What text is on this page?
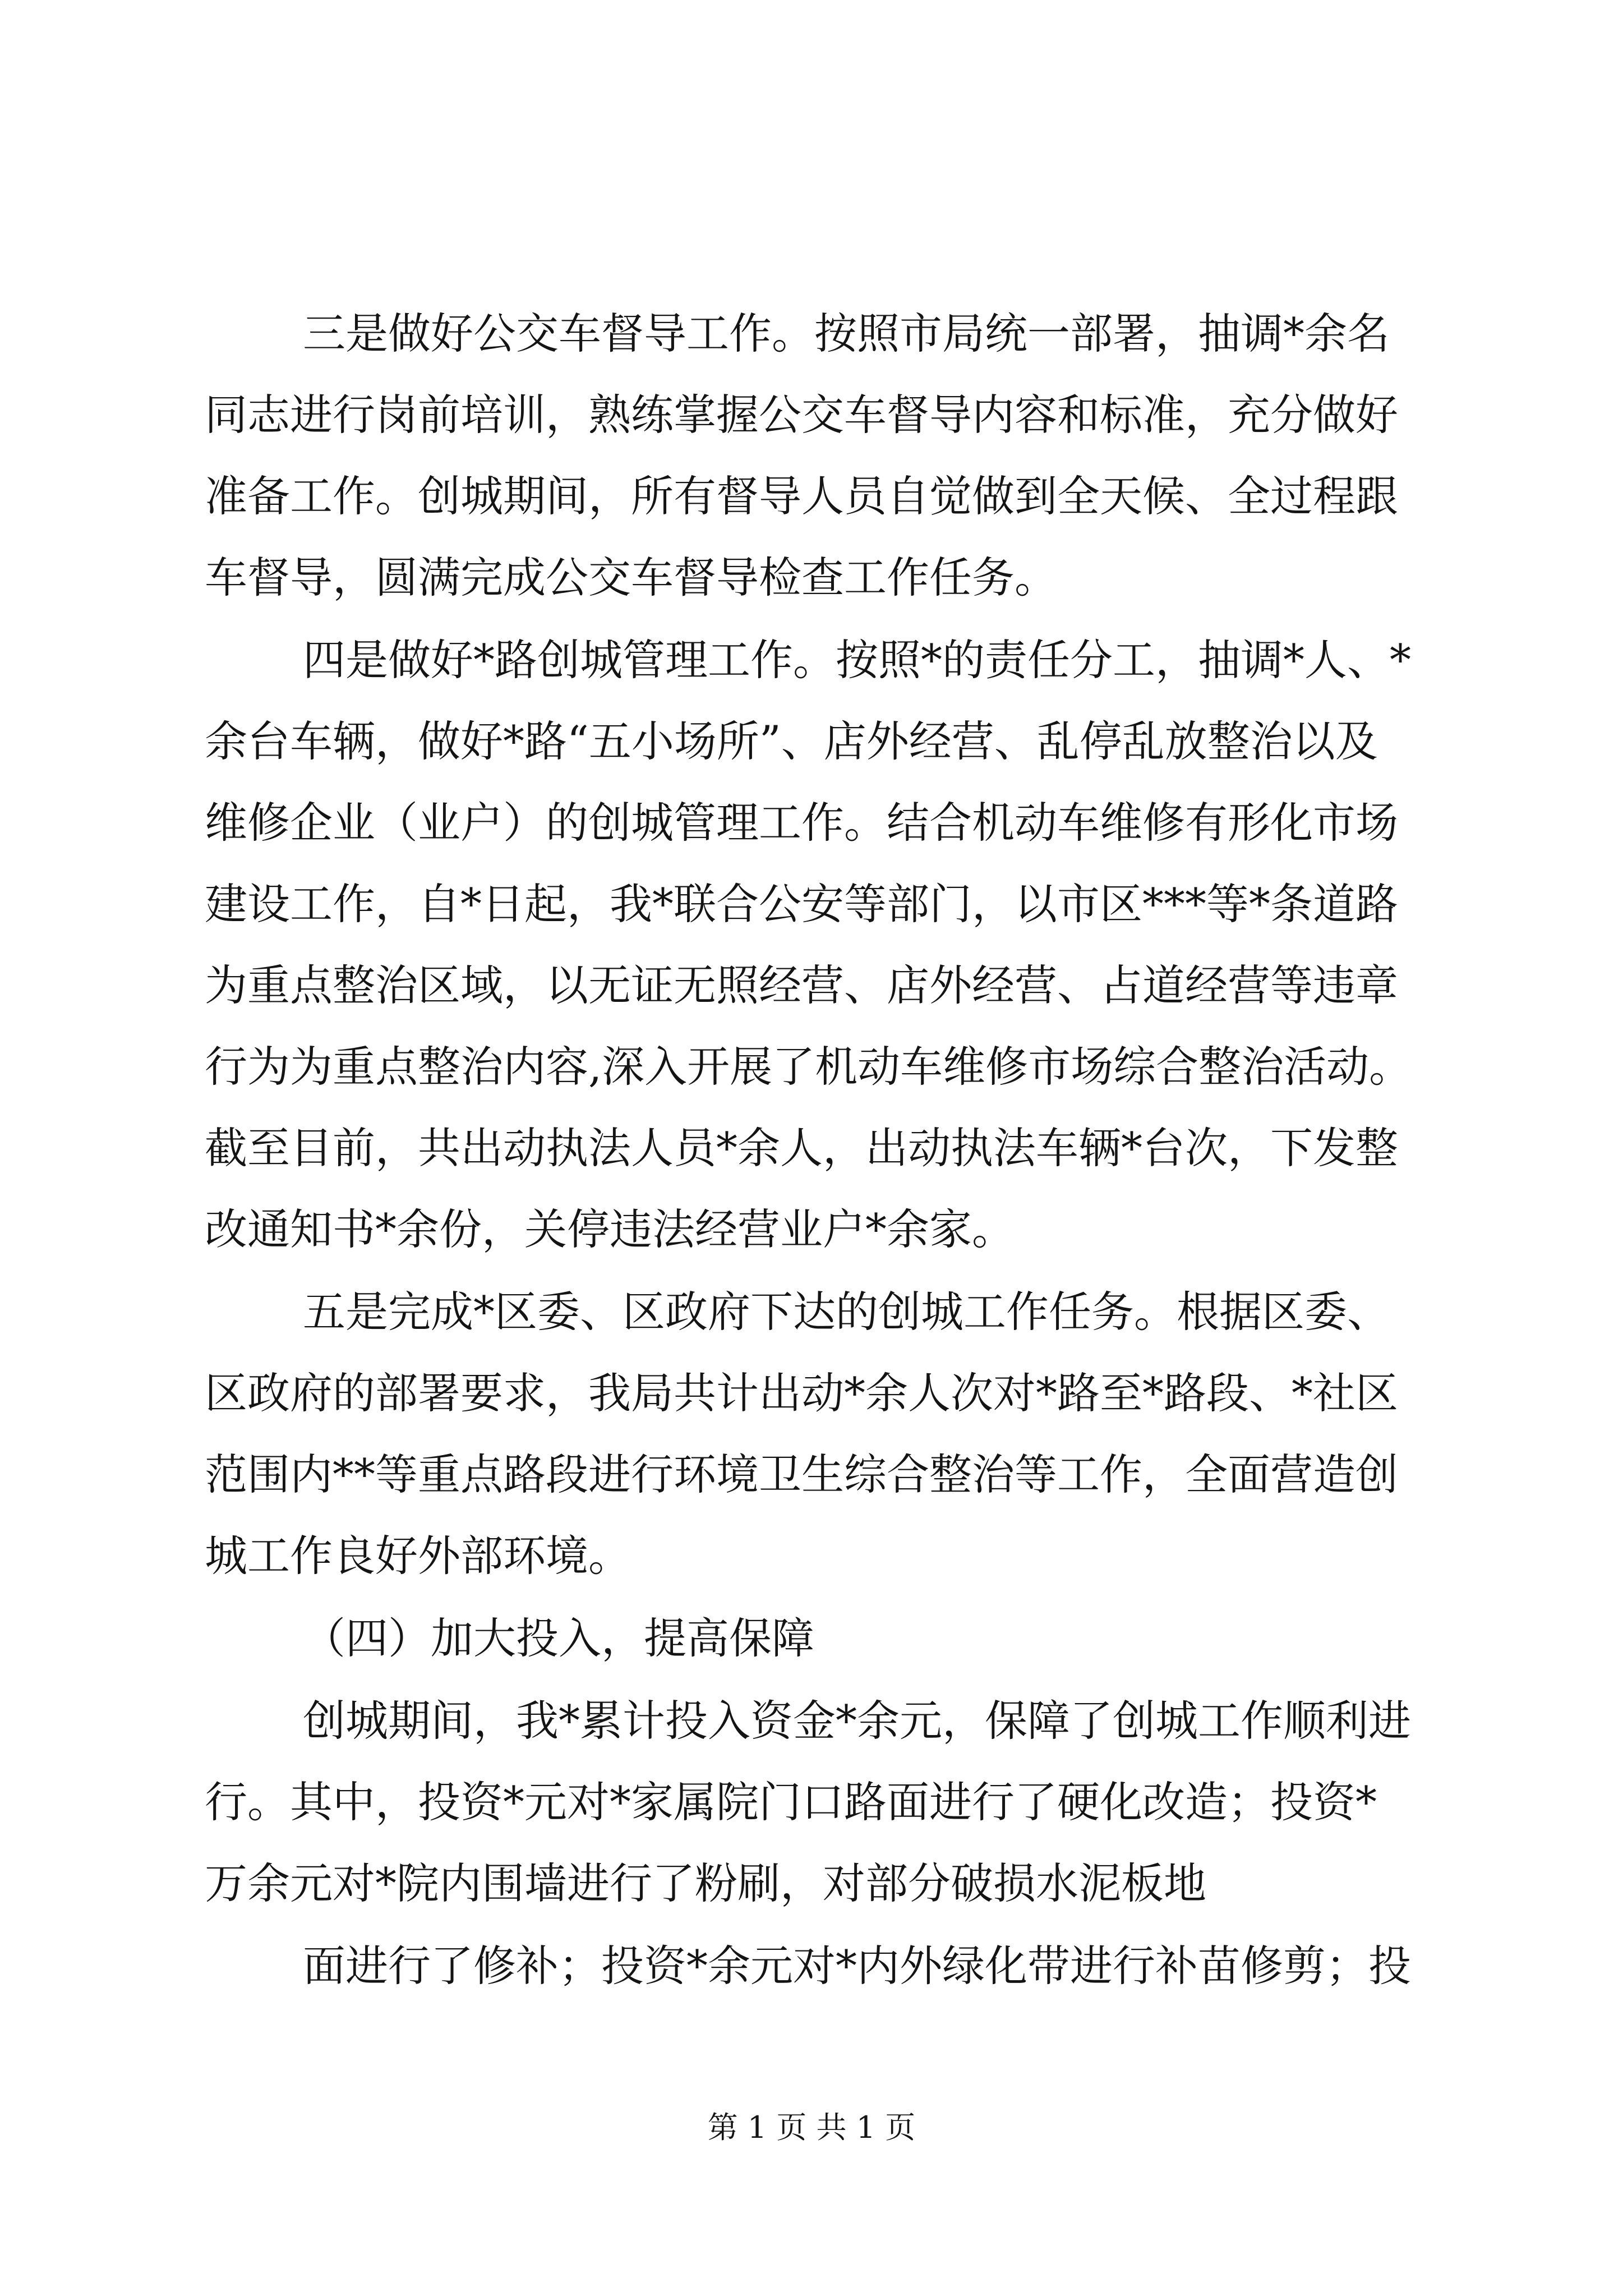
三是做好公交车督导工作。按照市局统一部署，抽调*余名
同志进行岗前培训，熟练掌握公交车督导内容和标准，充分做好
准备工作。创城期间，所有督导人员自觉做到全天候、全过程跟
车督导，圆满完成公交车督导检查工作任务。
四是做好*路创城管理工作。按照*的责任分工，抽调*人、*
余台车辆，做好*路“五小场所”、店外经营、乱停乱放整治以及
维修企业（业户）的创城管理工作。结合机动车维修有形化市场
建设工作，自*日起，我*联合公安等部门，以市区***等*条道路
为重点整治区域，以无证无照经营、店外经营、占道经营等违章
行为为重点整治内容,深入开展了机动车维修市场综合整治活动。
截至目前，共出动执法人员*余人，出动执法车辆*台次，下发整
改通知书*余份，关停违法经营业户*余家。
五是完成*区委、区政府下达的创城工作任务。根据区委、
区政府的部署要求，我局共计出动*余人次对*路至*路段、*社区
范围内**等重点路段进行环境卫生综合整治等工作，全面营造创
城工作良好外部环境。
（四）加大投入，提高保障
创城期间，我*累计投入资金*余元，保障了创城工作顺利进
行。其中，投资*元对*家属院门口路面进行了硬化改造；投资*
万余元对*院内围墙进行了粉刷，对部分破损水泥板地
面进行了修补；投资*余元对*内外绿化带进行补苗修剪；投
第 1 页 共 1 页
